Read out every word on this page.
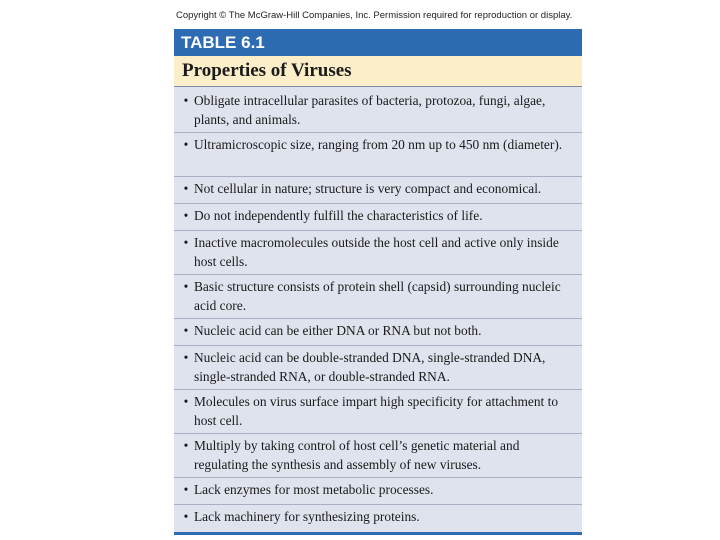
Copyright © The McGraw-Hill Companies, Inc. Permission required for reproduction or display.
TABLE 6.1
Properties of Viruses
• Obligate intracellular parasites of bacteria, protozoa, fungi, algae, plants, and animals.
• Ultramicroscopic size, ranging from 20 nm up to 450 nm (diameter).
• Not cellular in nature; structure is very compact and economical.
• Do not independently fulfill the characteristics of life.
• Inactive macromolecules outside the host cell and active only inside host cells.
• Basic structure consists of protein shell (capsid) surrounding nucleic acid core.
• Nucleic acid can be either DNA or RNA but not both.
• Nucleic acid can be double-stranded DNA, single-stranded DNA, single-stranded RNA, or double-stranded RNA.
• Molecules on virus surface impart high specificity for attachment to host cell.
• Multiply by taking control of host cell’s genetic material and regulating the synthesis and assembly of new viruses.
• Lack enzymes for most metabolic processes.
• Lack machinery for synthesizing proteins.
